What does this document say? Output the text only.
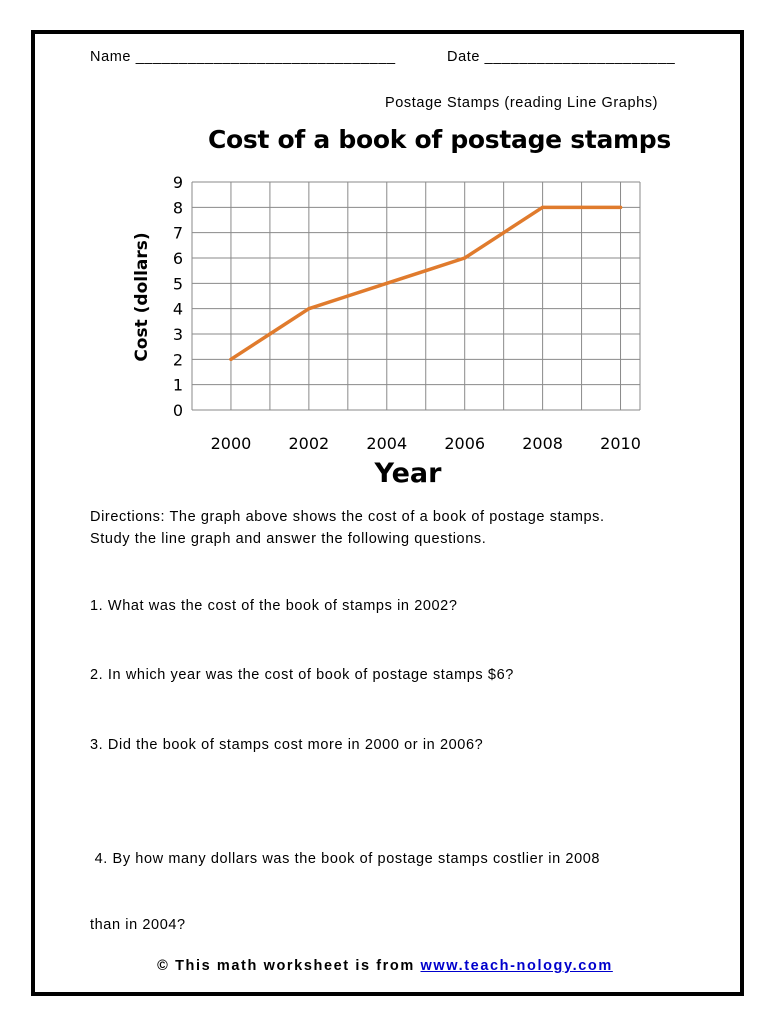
Name ______________________________	Date ______________________
Postage Stamps (reading Line Graphs)
Cost of a book of postage stamps
0
1
2
3
4
5
6
7
8
9
2000 2002 2004 2006 2008 2010
Cost (dollars)
Year
Directions: The graph above shows the cost of a book of postage stamps.
Study the line graph and answer the following questions.
1. What was the cost of the book of stamps in 2002?
2. In which year was the cost of book of postage stamps $6?
3. Did the book of stamps cost more in 2000 or in 2006?

4. By how many dollars was the book of postage stamps costlier in 2008

than in 2004?

© This math worksheet is from www.teach-nology.com
